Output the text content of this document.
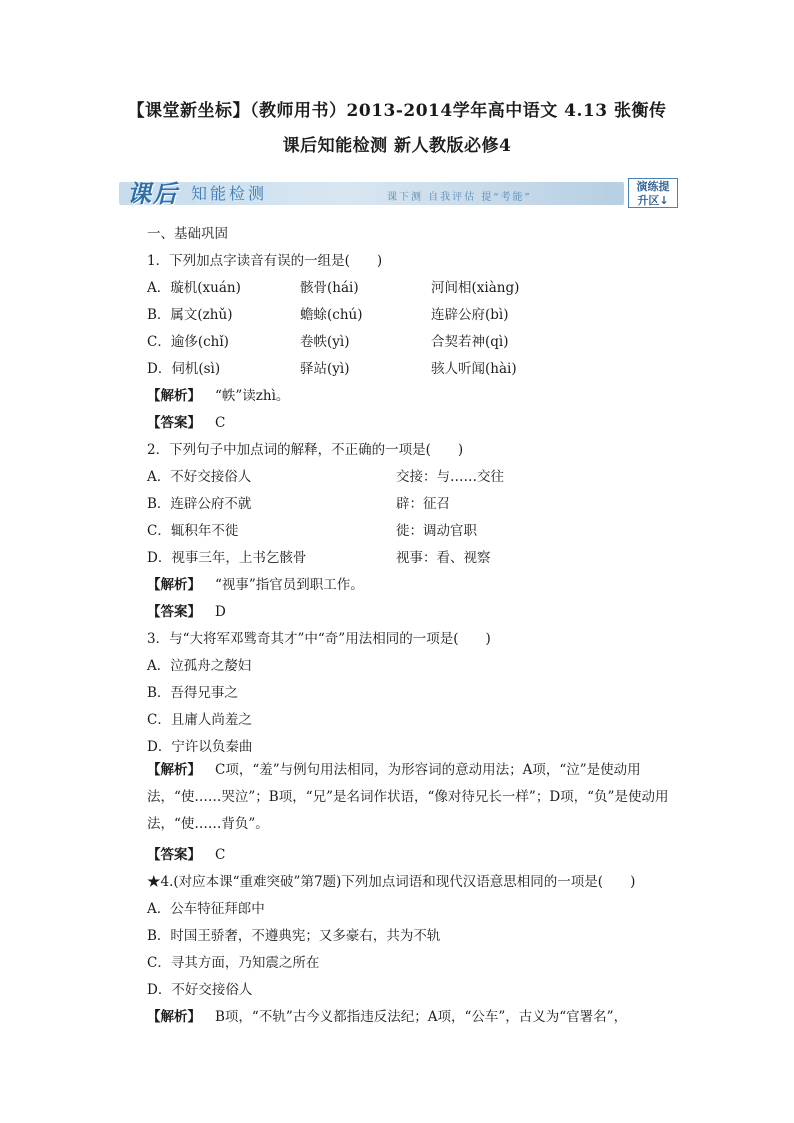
【课堂新坐标】（教师用书）2013-2014学年高中语文 4.13 张衡传
课后知能检测 新人教版必修4
课后 知能检测	课下测 自我评估 提“考能”
演练提
升区↓
一、基础巩固
1．下列加点字读音有误的一组是(　　)
A．璇机(xuán)	骸骨(hái)	河间相(xiàng)
B．属文(zhǔ)	蟾蜍(chú)	连辟公府(bì)
C．逾侈(chǐ)	卷帙(yì)	合契若神(qì)
D．伺机(sì)	驿站(yì)	骇人听闻(hài)
【解析】 “帙”读zhì。
【答案】 C
2．下列句子中加点词的解释，不正确的一项是(　　)
A．不好交接俗人	交接：与……交往
B．连辟公府不就	辟：征召
C．辄积年不徙	徙：调动官职
D．视事三年，上书乞骸骨	视事：看、视察
【解析】 “视事”指官员到职工作。
【答案】 D
3．与“大将军邓骘奇其才”中“奇”用法相同的一项是(　　)
A．泣孤舟之嫠妇
B．吾得兄事之
C．且庸人尚羞之
D．宁许以负秦曲
【解析】 C项，“羞”与例句用法相同，为形容词的意动用法；A项，“泣”是使动用法，“使……哭泣”；B项，“兄”是名词作状语，“像对待兄长一样”；D项，“负”是使动用法，“使……背负”。
【答案】 C
★4.(对应本课“重难突破”第7题)下列加点词语和现代汉语意思相同的一项是(　　)
A．公车特征拜郎中
B．时国王骄奢，不遵典宪；又多豪右，共为不轨
C．寻其方面，乃知震之所在
D．不好交接俗人
【解析】 B项，“不轨”古今义都指违反法纪；A项，“公车”，古义为“官署名”，
